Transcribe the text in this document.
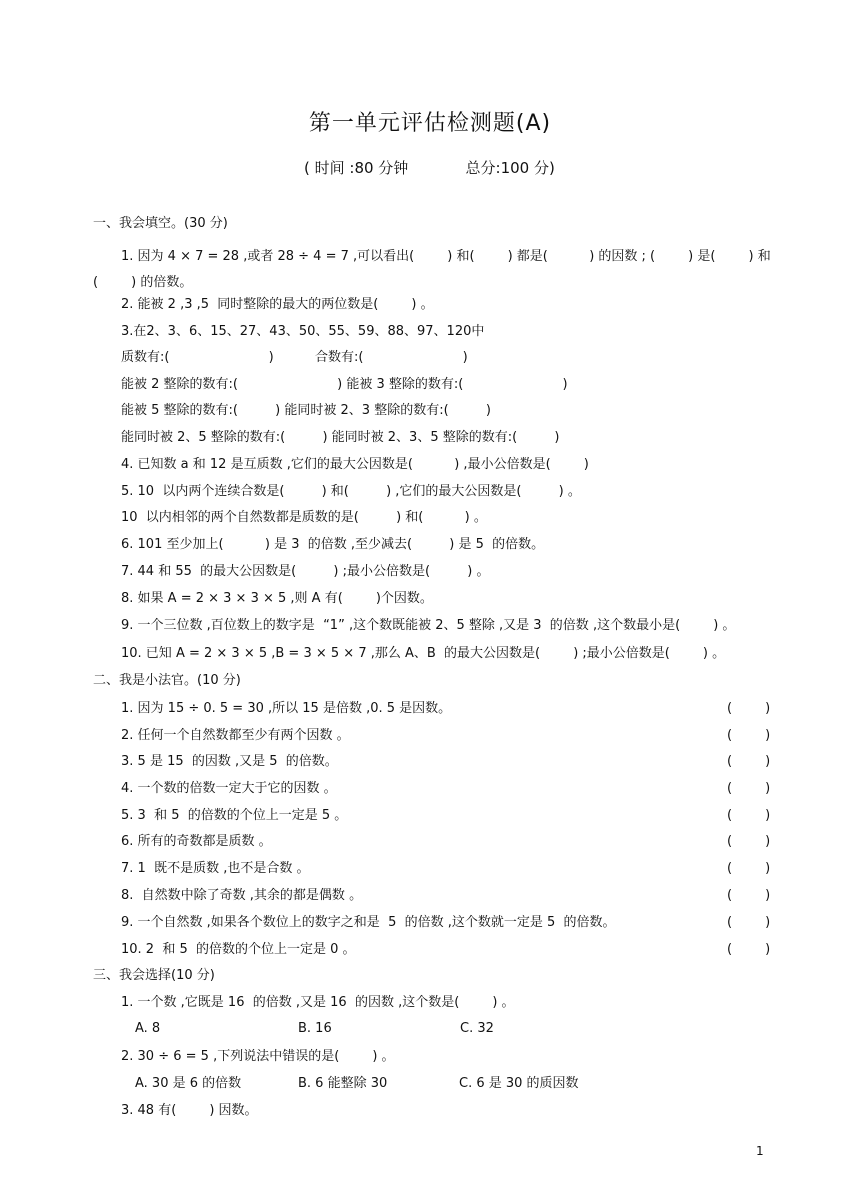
第一单元评估检测题(A)
( 时间 :80 分钟            总分:100 分)
一、我会填空。(30 分)
1. 因为 4 × 7 = 28 ,或者 28 ÷ 4 = 7 ,可以看出(        ) 和(        ) 都是(          ) 的因数 ; (        ) 是(        ) 和
(        ) 的倍数。
2. 能被 2 ,3 ,5  同时整除的最大的两位数是(        ) 。
3.在2、3、6、15、27、43、50、55、59、88、97、120中
质数有:(                        )          合数有:(                        )
能被 2 整除的数有:(                        ) 能被 3 整除的数有:(                        )
能被 5 整除的数有:(         ) 能同时被 2、3 整除的数有:(         )
能同时被 2、5 整除的数有:(         ) 能同时被 2、3、5 整除的数有:(         )
4. 已知数 a 和 12 是互质数 ,它们的最大公因数是(          ) ,最小公倍数是(        )
5. 10  以内两个连续合数是(         ) 和(         ) ,它们的最大公因数是(         ) 。
10  以内相邻的两个自然数都是质数的是(         ) 和(          ) 。
6. 101 至少加上(          ) 是 3  的倍数 ,至少减去(         ) 是 5  的倍数。
7. 44 和 55  的最大公因数是(         ) ;最小公倍数是(         ) 。
8. 如果 A = 2 × 3 × 3 × 5 ,则 A 有(        )个因数。
9. 一个三位数 ,百位数上的数字是  “1” ,这个数既能被 2、5 整除 ,又是 3  的倍数 ,这个数最小是(        ) 。
10. 已知 A = 2 × 3 × 5 ,B = 3 × 5 × 7 ,那么 A、B  的最大公因数是(        ) ;最小公倍数是(        ) 。
二、我是小法官。(10 分)
1. 因为 15 ÷ 0. 5 = 30 ,所以 15 是倍数 ,0. 5 是因数。	(        )
2. 任何一个自然数都至少有两个因数 。	(        )
3. 5 是 15  的因数 ,又是 5  的倍数。	(        )
4. 一个数的倍数一定大于它的因数 。	(        )
5. 3  和 5  的倍数的个位上一定是 5 。	(        )
6. 所有的奇数都是质数 。	(        )
7. 1  既不是质数 ,也不是合数 。	(        )
8.  自然数中除了奇数 ,其余的都是偶数 。	(        )
9. 一个自然数 ,如果各个数位上的数字之和是  5  的倍数 ,这个数就一定是 5  的倍数。	(        )
10. 2  和 5  的倍数的个位上一定是 0 。	(        )
三、我会选择(10 分)
1. 一个数 ,它既是 16  的倍数 ,又是 16  的因数 ,这个数是(        ) 。
A. 8	B. 16	C. 32
2. 30 ÷ 6 = 5 ,下列说法中错误的是(        ) 。
A. 30 是 6 的倍数	B. 6 能整除 30	C. 6 是 30 的质因数
3. 48 有(        ) 因数。
1
